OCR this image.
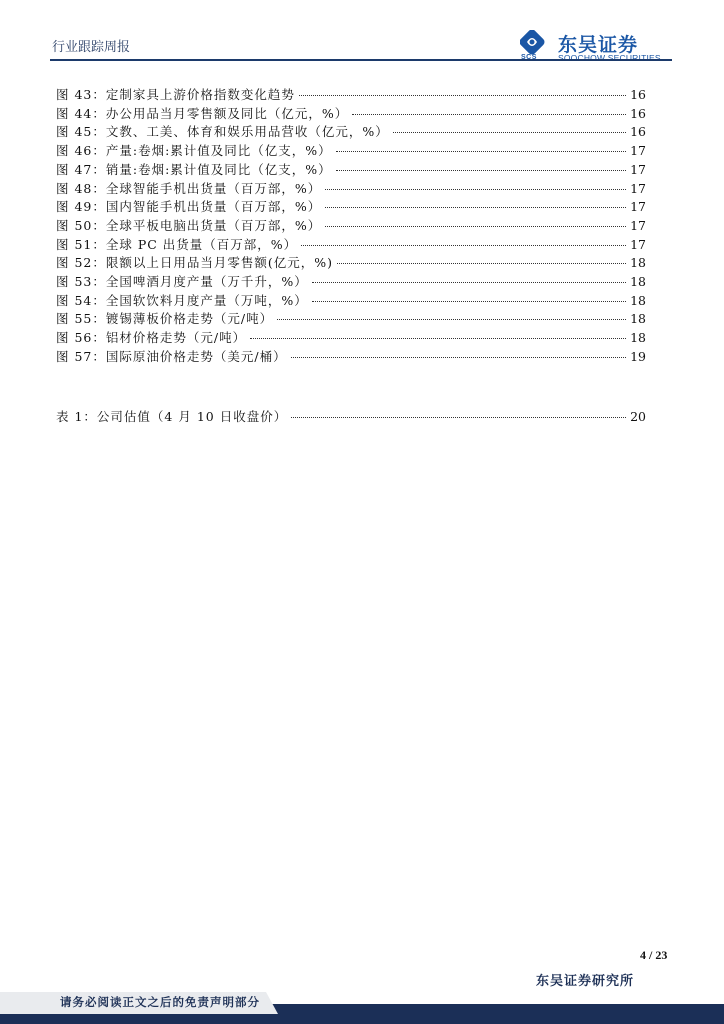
行业跟踪周报
SCS
东吴证券
SOOCHOW SECURITIES
图 43：定制家具上游价格指数变化趋势	16
图 44：办公用品当月零售额及同比（亿元，%）	16
图 45：文教、工美、体育和娱乐用品营收（亿元，%）	16
图 46：产量:卷烟:累计值及同比（亿支，%）	17
图 47：销量:卷烟:累计值及同比（亿支，%）	17
图 48：全球智能手机出货量（百万部，%）	17
图 49：国内智能手机出货量（百万部，%）	17
图 50：全球平板电脑出货量（百万部，%）	17
图 51：全球 PC 出货量（百万部，%）	17
图 52：限额以上日用品当月零售额(亿元，%)	18
图 53：全国啤酒月度产量（万千升，%）	18
图 54：全国软饮料月度产量（万吨，%）	18
图 55：镀锡薄板价格走势（元/吨）	18
图 56：铝材价格走势（元/吨）	18
图 57：国际原油价格走势（美元/桶）	19
表 1：公司估值（4 月 10 日收盘价）	20
4 / 23
东吴证券研究所
请务必阅读正文之后的免责声明部分
